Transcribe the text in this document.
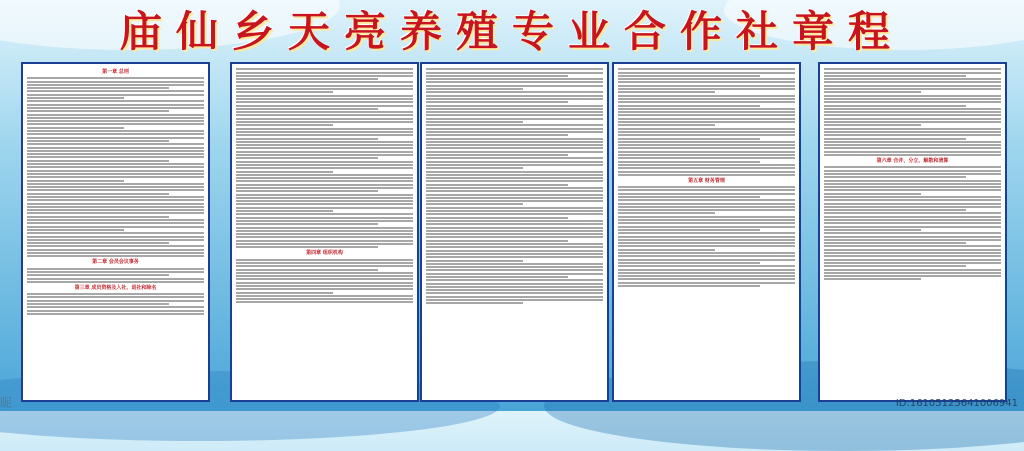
庙仙乡天亮养殖专业合作社章程
第一章 总则
第二章 会员会议事务
第三章 成员资格及入社、退社和除名
第四章 组织机构
第五章 财务管理
第六章 合并、分立、解散和清算
昵	ID:16105125641006941
